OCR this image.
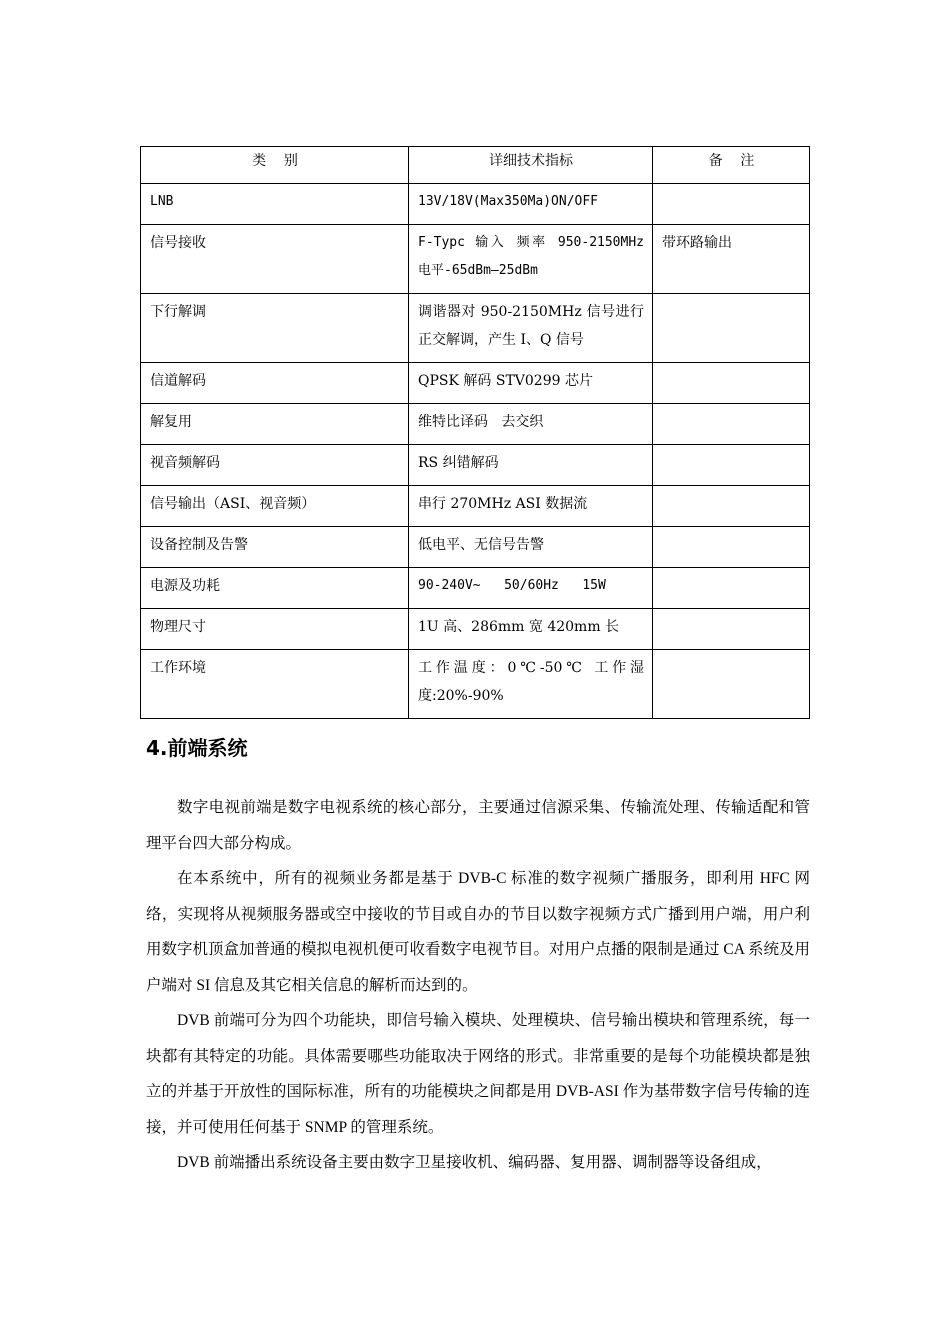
类    别	详细技术指标	备    注
LNB	13V/18V(Max350Ma)ON/OFF	
信号接收	F-Typc 输入 频率 950-2150MHz 电平-65dBm—25dBm	带环路输出
下行解调	调谐器对 950-2150MHz 信号进行正交解调，产生 I、Q 信号	
信道解码	QPSK 解码 STV0299 芯片	
解复用	维特比译码   去交织	
视音频解码	RS 纠错解码	
信号输出（ASI、视音频）	串行 270MHz ASI 数据流	
设备控制及告警	低电平、无信号告警	
电源及功耗	90-240V~   50/60Hz   15W	
物理尺寸	1U 高、286mm 宽 420mm 长	
工作环境	工作温度：0℃-50℃ 工作湿度:20%-90%	
4.前端系统

数字电视前端是数字电视系统的核心部分，主要通过信源采集、传输流处理、传输适配和管理平台四大部分构成。

在本系统中，所有的视频业务都是基于 DVB-C 标准的数字视频广播服务，即利用 HFC 网络，实现将从视频服务器或空中接收的节目或自办的节目以数字视频方式广播到用户端，用户利用数字机顶盒加普通的模拟电视机便可收看数字电视节目。对用户点播的限制是通过 CA 系统及用户端对 SI 信息及其它相关信息的解析而达到的。

DVB 前端可分为四个功能块，即信号输入模块、处理模块、信号输出模块和管理系统，每一块都有其特定的功能。具体需要哪些功能取决于网络的形式。非常重要的是每个功能模块都是独立的并基于开放性的国际标准，所有的功能模块之间都是用 DVB-ASI 作为基带数字信号传输的连接，并可使用任何基于 SNMP 的管理系统。

DVB 前端播出系统设备主要由数字卫星接收机、编码器、复用器、调制器等设备组成，
